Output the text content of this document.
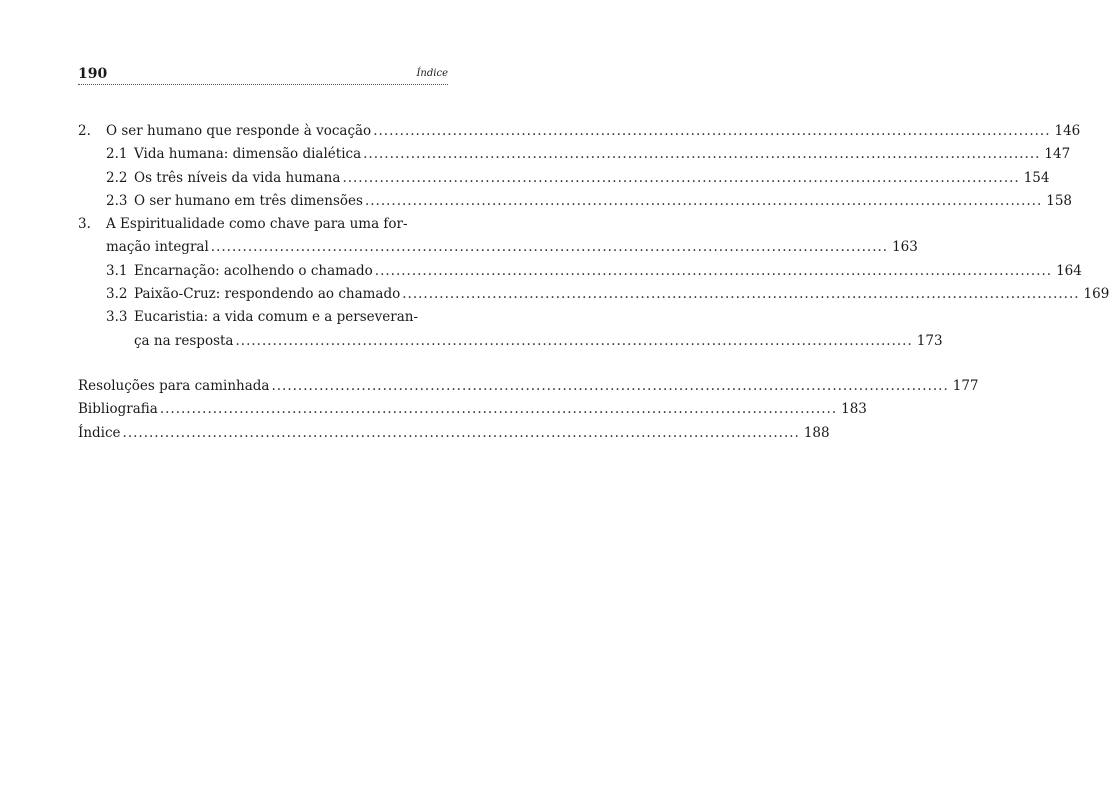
190	Índice
2. O ser humano que responde à vocação ................................................................................................................................ 146
2.1 Vida humana: dimensão dialética ................................................................................................................................ 147
2.2 Os três níveis da vida humana ................................................................................................................................ 154
2.3 O ser humano em três dimensões ................................................................................................................................ 158
3. A Espiritualidade como chave para uma for-
mação integral ................................................................................................................................ 163
3.1 Encarnação: acolhendo o chamado ................................................................................................................................ 164
3.2 Paixão-Cruz: respondendo ao chamado ................................................................................................................................ 169
3.3 Eucaristia: a vida comum e a perseveran-
ça na resposta ................................................................................................................................ 173
Resoluções para caminhada ................................................................................................................................ 177
Bibliografia ................................................................................................................................ 183
Índice ................................................................................................................................ 188
